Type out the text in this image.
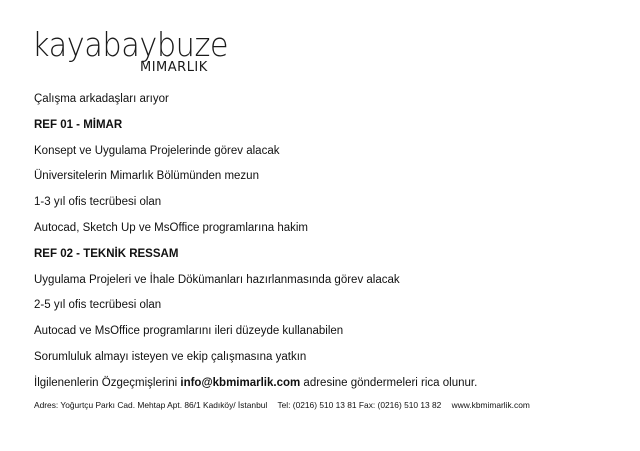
kayabaybuze
MIMARLIK

Çalışma arkadaşları arıyor

REF 01 - MİMAR

Konsept ve Uygulama Projelerinde görev alacak

Üniversitelerin Mimarlık Bölümünden mezun

1-3 yıl ofis tecrübesi olan

Autocad, Sketch Up ve MsOffice programlarına hakim

REF 02 - TEKNİK RESSAM

Uygulama Projeleri ve İhale Dökümanları hazırlanmasında görev alacak

2-5 yıl ofis tecrübesi olan

Autocad ve MsOffice programlarını ileri düzeyde kullanabilen

Sorumluluk almayı isteyen ve ekip çalışmasına yatkın

İlgilenenlerin Özgeçmişlerini info@kbmimarlik.com adresine göndermeleri rica olunur.

Adres: Yoğurtçu Parkı Cad. Mehtap Apt. 86/1 Kadıköy/ İstanbul Tel: (0216) 510 13 81 Fax: (0216) 510 13 82 www.kbmimarlik.com
